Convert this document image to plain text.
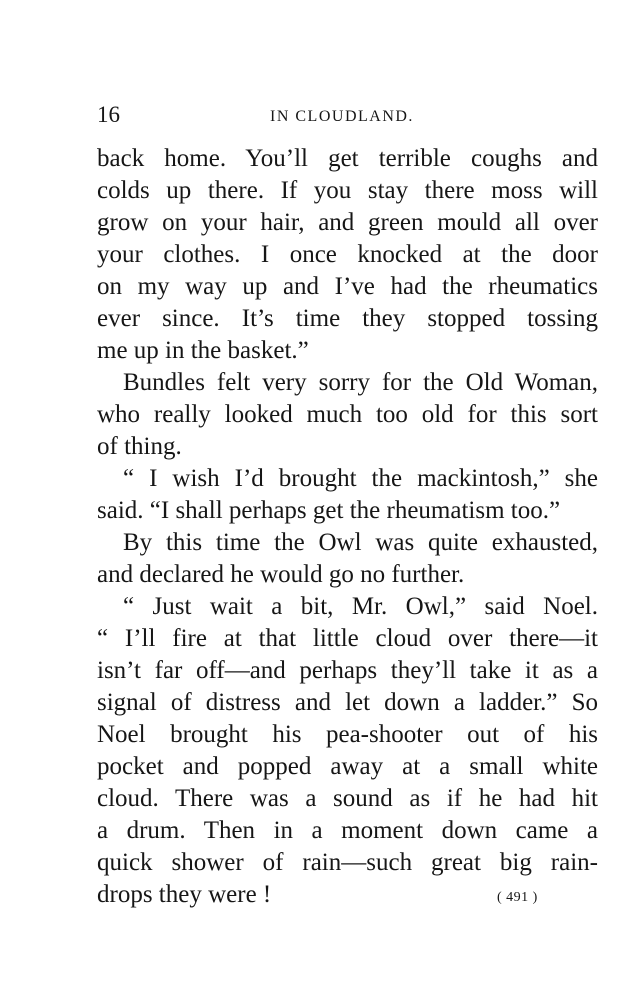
16	IN CLOUDLAND.
back home. You’ll get terrible coughs and
colds up there. If you stay there moss will
grow on your hair, and green mould all over
your clothes. I once knocked at the door
on my way up and I’ve had the rheumatics
ever since. It’s time they stopped tossing
me up in the basket.”
Bundles felt very sorry for the Old Woman,
who really looked much too old for this sort
of thing.
“ I wish I’d brought the mackintosh,” she
said. “I shall perhaps get the rheumatism too.”
By this time the Owl was quite exhausted,
and declared he would go no further.
“ Just wait a bit, Mr. Owl,” said Noel.
“ I’ll fire at that little cloud over there—it
isn’t far off—and perhaps they’ll take it as a
signal of distress and let down a ladder.” So
Noel brought his pea-shooter out of his
pocket and popped away at a small white
cloud. There was a sound as if he had hit
a drum. Then in a moment down came a
quick shower of rain—such great big rain-
drops they were !	( 491 )
